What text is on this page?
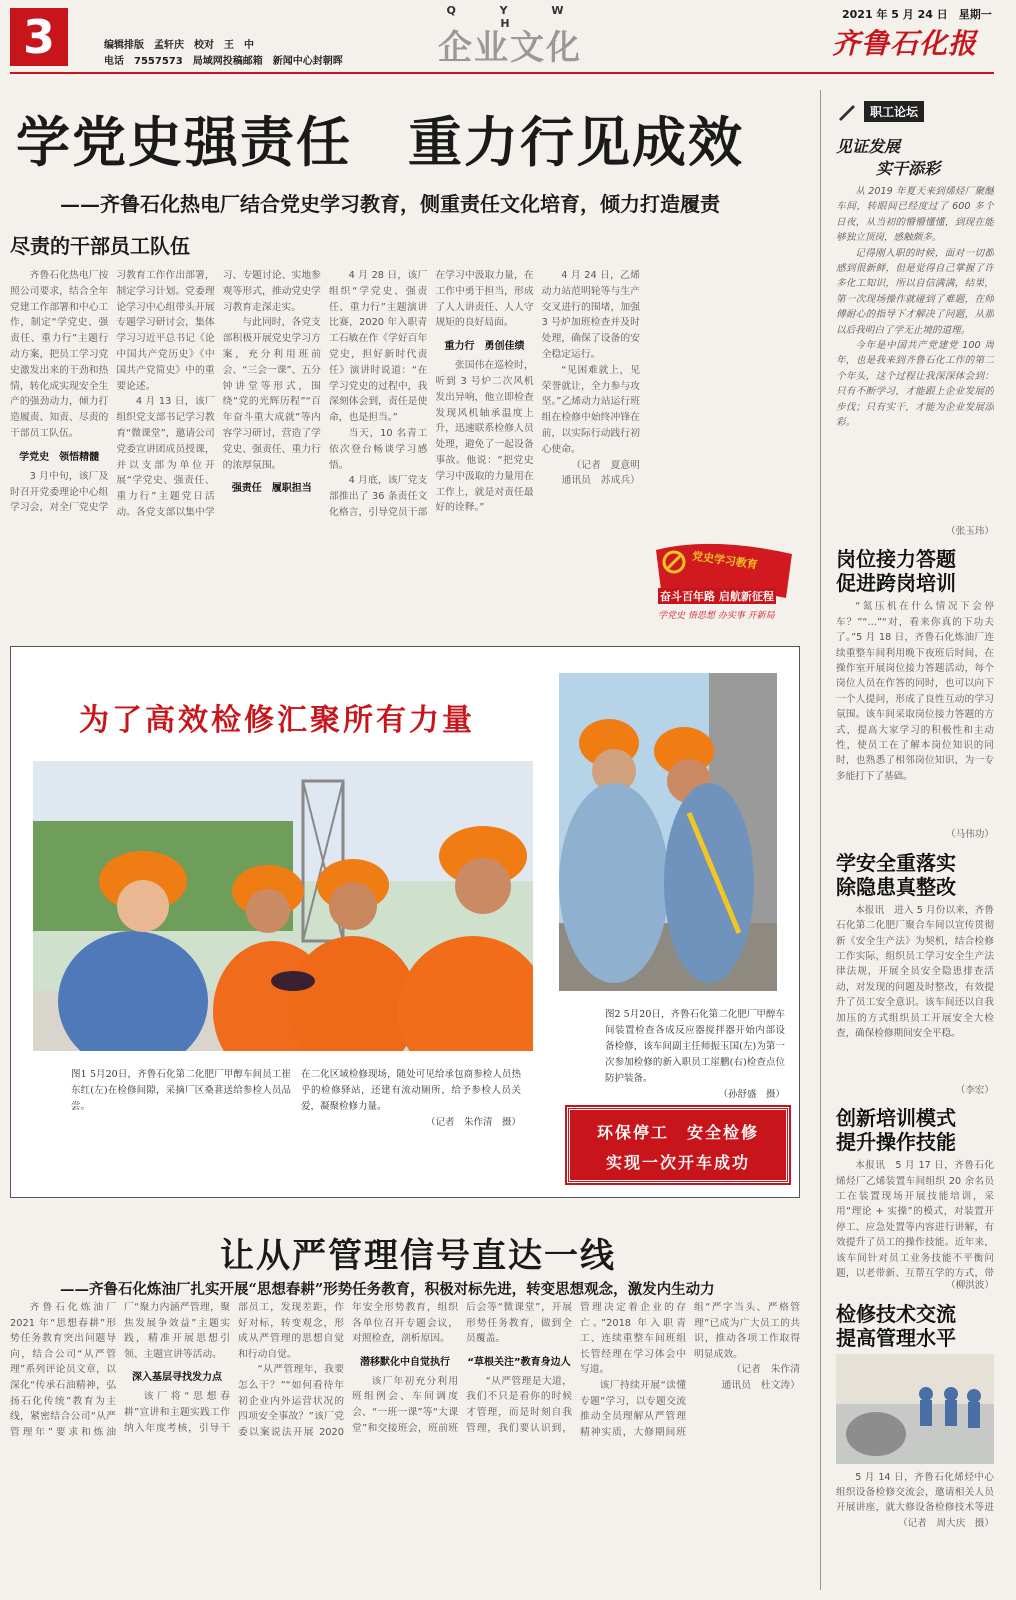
3	编辑排版　孟轩庆　校对　王　中
电话　7557573　局域网投稿邮箱　新闻中心封朝晖
Q Y W H
企业文化
2021 年 5 月 24 日　星期一
齐鲁石化报
学党史强责任　重力行见成效
——齐鲁石化热电厂结合党史学习教育，侧重责任文化培育，倾力打造履责
尽责的干部员工队伍

齐鲁石化热电厂按照公司要求，结合全年党建工作部署和中心工作，制定“学党史、强责任、重力行”主题行动方案，把员工学习党史激发出来的干劲和热情，转化成实现安全生产的强劲动力，倾力打造履责、知责、尽责的干部员工队伍。

学党史　领悟精髓

3 月中旬，该厂及时召开党委理论中心组学习会，对全厂党史学习教育工作作出部署，制定学习计划。党委理论学习中心组带头开展专题学习研讨会，集体学习习近平总书记《论中国共产党历史》《中国共产党简史》中的重要论述。

4 月 13 日，该厂组织党支部书记学习教育“微课堂”，邀请公司党委宣讲团成员授课，并以支部为单位开展“学党史、强责任、重力行”主题党日活动。各党支部以集中学习、专题讨论、实地参观等形式，推动党史学习教育走深走实。

与此同时，各党支部积极开展党史学习方案，充分利用班前会、“三会一课”、五分钟讲堂等形式，围绕“党的光辉历程”“百年奋斗重大成就”等内容学习研讨，营造了学党史、强责任、重力行的浓厚氛围。

强责任　履职担当

4 月 28 日，该厂组织“学党史、强责任、重力行”主题演讲比赛，2020 年入职青工石敏在作《学好百年党史，担好新时代责任》演讲时说道：“在学习党史的过程中，我深刻体会到，责任是使命，也是担当。”

当天，10 名青工依次登台畅谈学习感悟。

4 月底，该厂党支部推出了 36 条责任文化格言，引导党员干部在学习中汲取力量，在工作中勇于担当，形成了人人讲责任、人人守规矩的良好局面。

重力行　勇创佳绩

张国伟在巡检时，听到 3 号炉二次风机发出异响，他立即检查发现风机轴承温度上升，迅速联系检修人员处理，避免了一起设备事故。他说：“把党史学习中汲取的力量用在工作上，就是对责任最好的诠释。”

4 月 24 日，乙烯动力站范明轮等与生产交叉进行的围堵，加强 3 号炉加班检查并及时处理，确保了设备的安全稳定运行。

“见困难就上，见荣誉就让，全力参与攻坚。”乙烯动力站运行班组在检修中始终冲锋在前，以实际行动践行初心使命。

（记者　夏意明　通讯员　苏成兵）

党史学习教育
奋斗百年路 启航新征程
学党史 悟思想 办实事 开新局
为了高效检修汇聚所有力量
图2 5月20日，齐鲁石化第二化肥厂甲醇车间装置检查各成反应器搅拌器开始内部设备检修，该车间副主任师振玉国(左)为第一次参加检修的新入职员工崖鹏(右)检查点位防护装备。
（孙舒盛　摄）
图1 5月20日，齐鲁石化第二化肥厂甲醇车间员工崔东红(左)在检修间隙，采摘厂区桑葚送给参检人员品尝。
在二化区域检修现场，随处可见给承包商参检人员热乎的检修驿站，还建有流动厕所，给予参检人员关爱，凝聚检修力量。
（记者　朱作清　摄）
环保停工　安全检修
实现一次开车成功
让从严管理信号直达一线
——齐鲁石化炼油厂扎实开展“思想春耕”形势任务教育，积极对标先进，转变思想观念，激发内生动力

齐鲁石化炼油厂 2021 年“思想春耕”形势任务教育突出问题导向，结合公司“从严管理”系列评论员文章，以深化“传承石油精神，弘扬石化传统”教育为主线，紧密结合公司“从严管理年”要求和炼油厂“聚力内涵严管理，聚焦发展争效益”主题实践，精准开展思想引领、主题宣讲等活动。

深入基层寻找发力点

该厂将“思想春耕”宣讲和主题实践工作纳入年度考核，引导干部员工，发现差距，作好对标，转变观念，形成从严管理的思想自觉和行动自觉。

“从严管理年，我要怎么干？”“如何看待年初企业内外运营状况的四项安全事故？”该厂党委以案说法开展 2020 年安全形势教育，组织各单位召开专题会议，对照检查，剖析原因。

潜移默化中自觉执行

该厂年初充分利用班组例会、车间调度会、“一班一课”等“大课堂”和交接班会，班前班后会等“微课堂”，开展形势任务教育，做到全员覆盖。

“草根关注”教育身边人

“从严管理是大道，我们不只是看你的时候才管理，而是时刻自我管理，我们要认识到，管理决定着企业的存亡。”2018 年入职青工、连续重整车间班组长管经理在学习体会中写道。

该厂持续开展“读懂专题”学习，以专题交流推动全员理解从严管理精神实质，大修期间班组“严字当头、严格管理”已成为广大员工的共识，推动各项工作取得明显成效。

（记者　朱作清　通讯员　杜文涛）

职工论坛
见证发展
实干添彩

从 2019 年夏天来到烯烃厂聚醚车间，转眼间已经度过了 600 多个日夜，从当初的懵懵懂懂，到现在能够独立顶岗，感触颇多。

记得刚入职的时候，面对一切都感到很新鲜，但是觉得自己掌握了许多化工知识，所以自信满满，结果，第一次现场操作就碰到了难题，在师傅耐心的指导下才解决了问题，从那以后我明白了学无止境的道理。

今年是中国共产党建党 100 周年，也是我来到齐鲁石化工作的第二个年头，这个过程让我深深体会到：只有不断学习，才能跟上企业发展的步伐；只有实干，才能为企业发展添彩。

（张玉玮）
岗位接力答题
促进跨岗培训

“氮压机在什么情况下会停车？”“…”“对，看来你真的下功夫了。”5 月 18 日，齐鲁石化炼油厂连续重整车间利用晚下夜班后时间，在操作室开展岗位接力答题活动，每个岗位人员在作答的同时，也可以向下一个人提问，形成了良性互动的学习氛围。该车间采取岗位接力答题的方式，提高大家学习的积极性和主动性，使员工在了解本岗位知识的同时，也熟悉了相邻岗位知识，为一专多能打下了基础。

（马伟功）
学安全重落实
除隐患真整改

本报讯　进入 5 月份以来，齐鲁石化第二化肥厂聚合车间以宣传贯彻新《安全生产法》为契机，结合检修工作实际，组织员工学习安全生产法律法规，开展全员安全隐患排查活动，对发现的问题及时整改，有效提升了员工安全意识。该车间还以自我加压的方式组织员工开展安全大检查，确保检修期间安全平稳。

（李宏）
创新培训模式
提升操作技能

本报讯　5 月 17 日，齐鲁石化烯烃厂乙烯装置车间组织 20 余名员工在装置现场开展技能培训，采用“理论 + 实操”的模式，对装置开停工、应急处置等内容进行讲解，有效提升了员工的操作技能。近年来，该车间针对员工业务技能不平衡问题，以老带新、互帮互学的方式，带

（柳洪波）
检修技术交流
提高管理水平

5 月 14 日，齐鲁石化烯烃中心组织设备检修交流会，邀请相关人员开展讲座，就大修设备检修技术等进

（记者　周大庆　摄）
